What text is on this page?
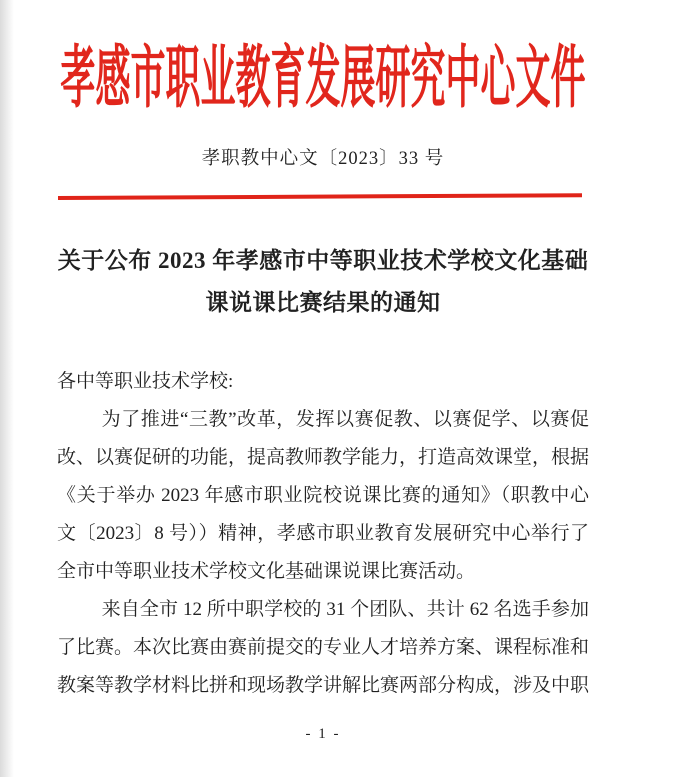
孝感市职业教育发展研究中心文件
孝职教中心文〔2023〕33 号
关于公布 2023 年孝感市中等职业技术学校文化基础
课说课比赛结果的通知
各中等职业技术学校:
为了推进“三教”改革，发挥以赛促教、以赛促学、以赛促
改、以赛促研的功能，提高教师教学能力，打造高效课堂，根据
《关于举办 2023 年感市职业院校说课比赛的通知》（职教中心
文〔2023〕8 号））精神，孝感市职业教育发展研究中心举行了
全市中等职业技术学校文化基础课说课比赛活动。
来自全市 12 所中职学校的 31 个团队、共计 62 名选手参加
了比赛。本次比赛由赛前提交的专业人才培养方案、课程标准和
教案等教学材料比拼和现场教学讲解比赛两部分构成，涉及中职
- 1 -
